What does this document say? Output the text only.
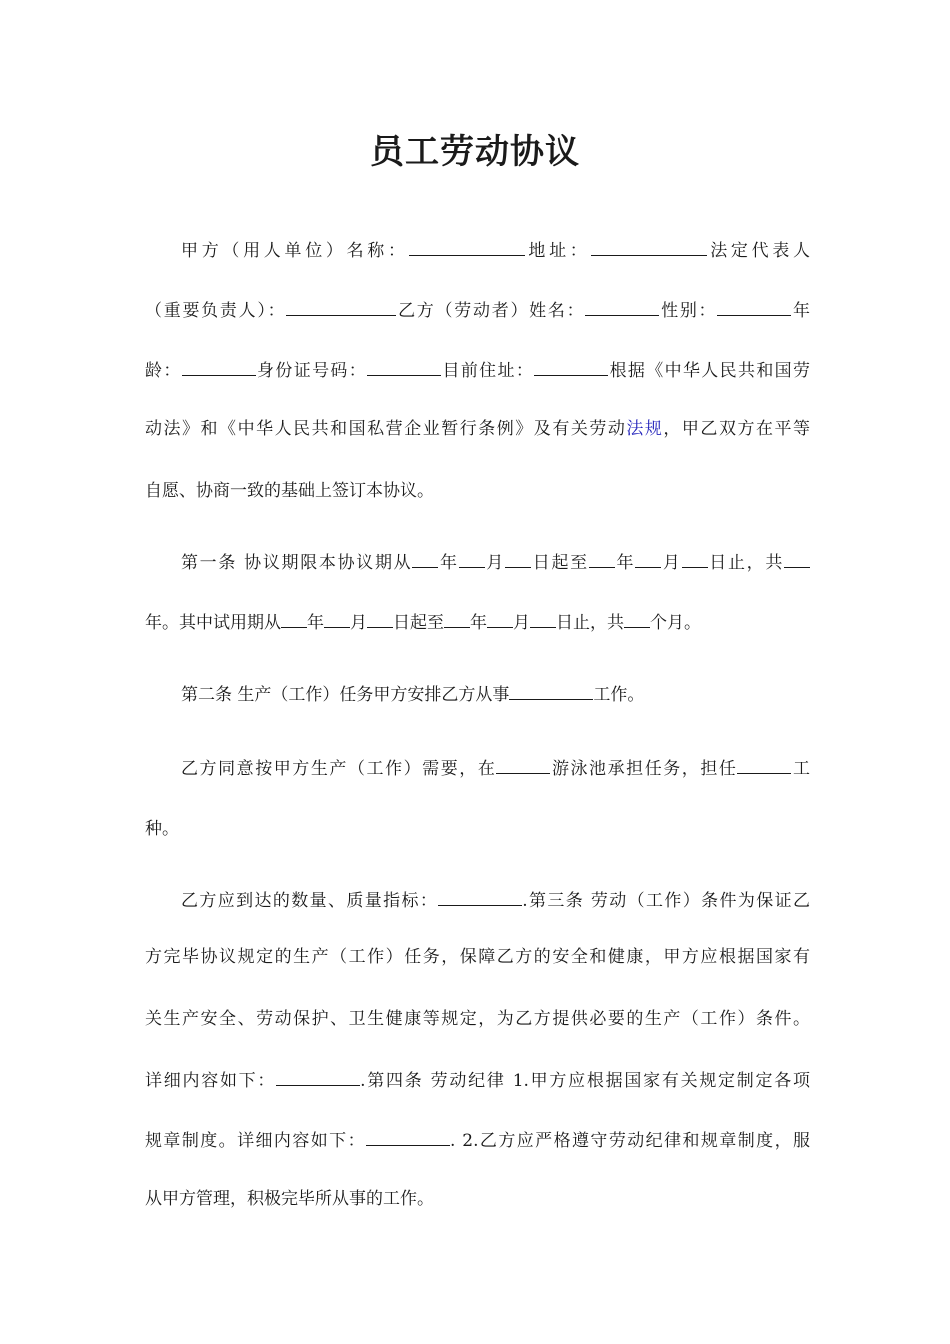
员工劳动协议
甲方（用人单位）名称：	地址：	法定代表人
（重要负责人）：	乙方（劳动者）姓名：	性别：	年
龄：	身份证号码：	目前住址：	根据《中华人民共和国劳
动法》和《中华人民共和国私营企业暂行条例》及有关劳动法规，甲乙双方在平等
自愿、协商一致的基础上签订本协议。
第一条 协议期限本协议期从 年 月 日起至 年 月 日止，共
年。其中试用期从 年 月 日起至 年 月 日止，共 个月。
第二条 生产（工作）任务甲方安排乙方从事	工作。
乙方同意按甲方生产（工作）需要，在	游泳池承担任务，担任	工
种。
乙方应到达的数量、质量指标：	.第三条 劳动（工作）条件为保证乙
方完毕协议规定的生产（工作）任务，保障乙方的安全和健康，甲方应根据国家有
关生产安全、劳动保护、卫生健康等规定，为乙方提供必要的生产（工作）条件。
详细内容如下：	.第四条 劳动纪律 1.甲方应根据国家有关规定制定各项
规章制度。详细内容如下：	. 2.乙方应严格遵守劳动纪律和规章制度，服
从甲方管理，积极完毕所从事的工作。
